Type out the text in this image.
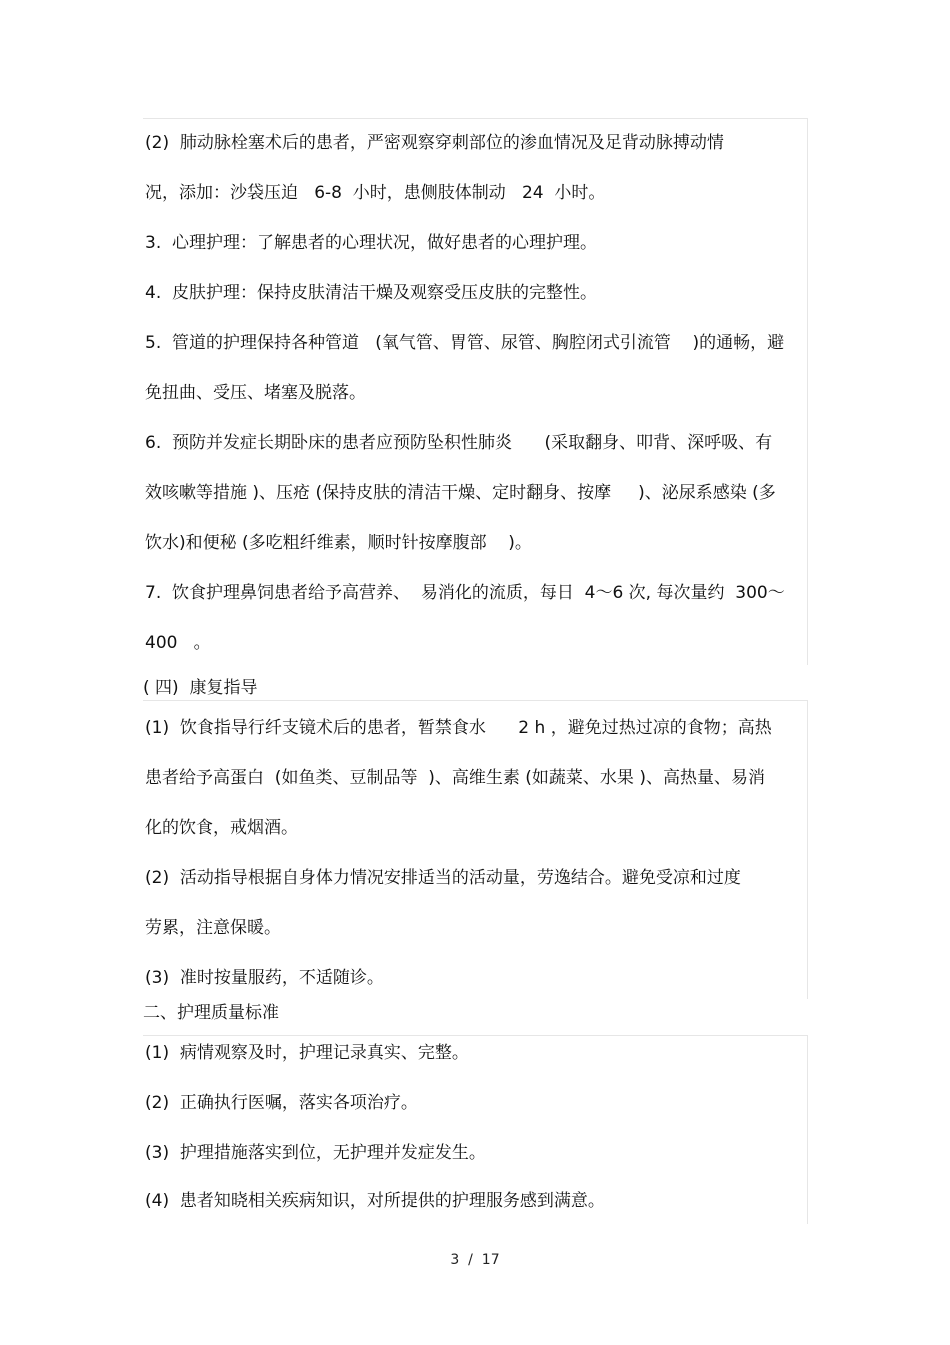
(2)  肺动脉栓塞术后的患者，严密观察穿刺部位的渗血情况及足背动脉搏动情

况，添加：沙袋压迫   6-8  小时，患侧肢体制动   24  小时。

3.  心理护理：了解患者的心理状况，做好患者的心理护理。

4.  皮肤护理：保持皮肤清洁干燥及观察受压皮肤的完整性。

5.  管道的护理保持各种管道   (氧气管、胃管、尿管、胸腔闭式引流管    )的通畅，避

免扭曲、受压、堵塞及脱落。

6.  预防并发症长期卧床的患者应预防坠积性肺炎      (采取翻身、叩背、深呼吸、有

效咳嗽等措施 )、压疮 (保持皮肤的清洁干燥、定时翻身、按摩     )、泌尿系感染 (多

饮水)和便秘 (多吃粗纤维素，顺时针按摩腹部    )。

7.  饮食护理鼻饲患者给予高营养、  易消化的流质，每日  4～6 次, 每次量约  300～

400   。

( 四)  康复指导

(1)  饮食指导行纤支镜术后的患者，暂禁食水      2 h ，避免过热过凉的食物；高热

患者给予高蛋白  (如鱼类、豆制品等  )、高维生素 (如蔬菜、水果 )、高热量、易消

化的饮食，戒烟酒。

(2)  活动指导根据自身体力情况安排适当的活动量，劳逸结合。避免受凉和过度

劳累，注意保暖。

(3)  准时按量服药，不适随诊。

二、护理质量标准

(1)  病情观察及时，护理记录真实、完整。

(2)  正确执行医嘱，落实各项治疗。

(3)  护理措施落实到位，无护理并发症发生。

(4)  患者知晓相关疾病知识，对所提供的护理服务感到满意。

3  /  17
